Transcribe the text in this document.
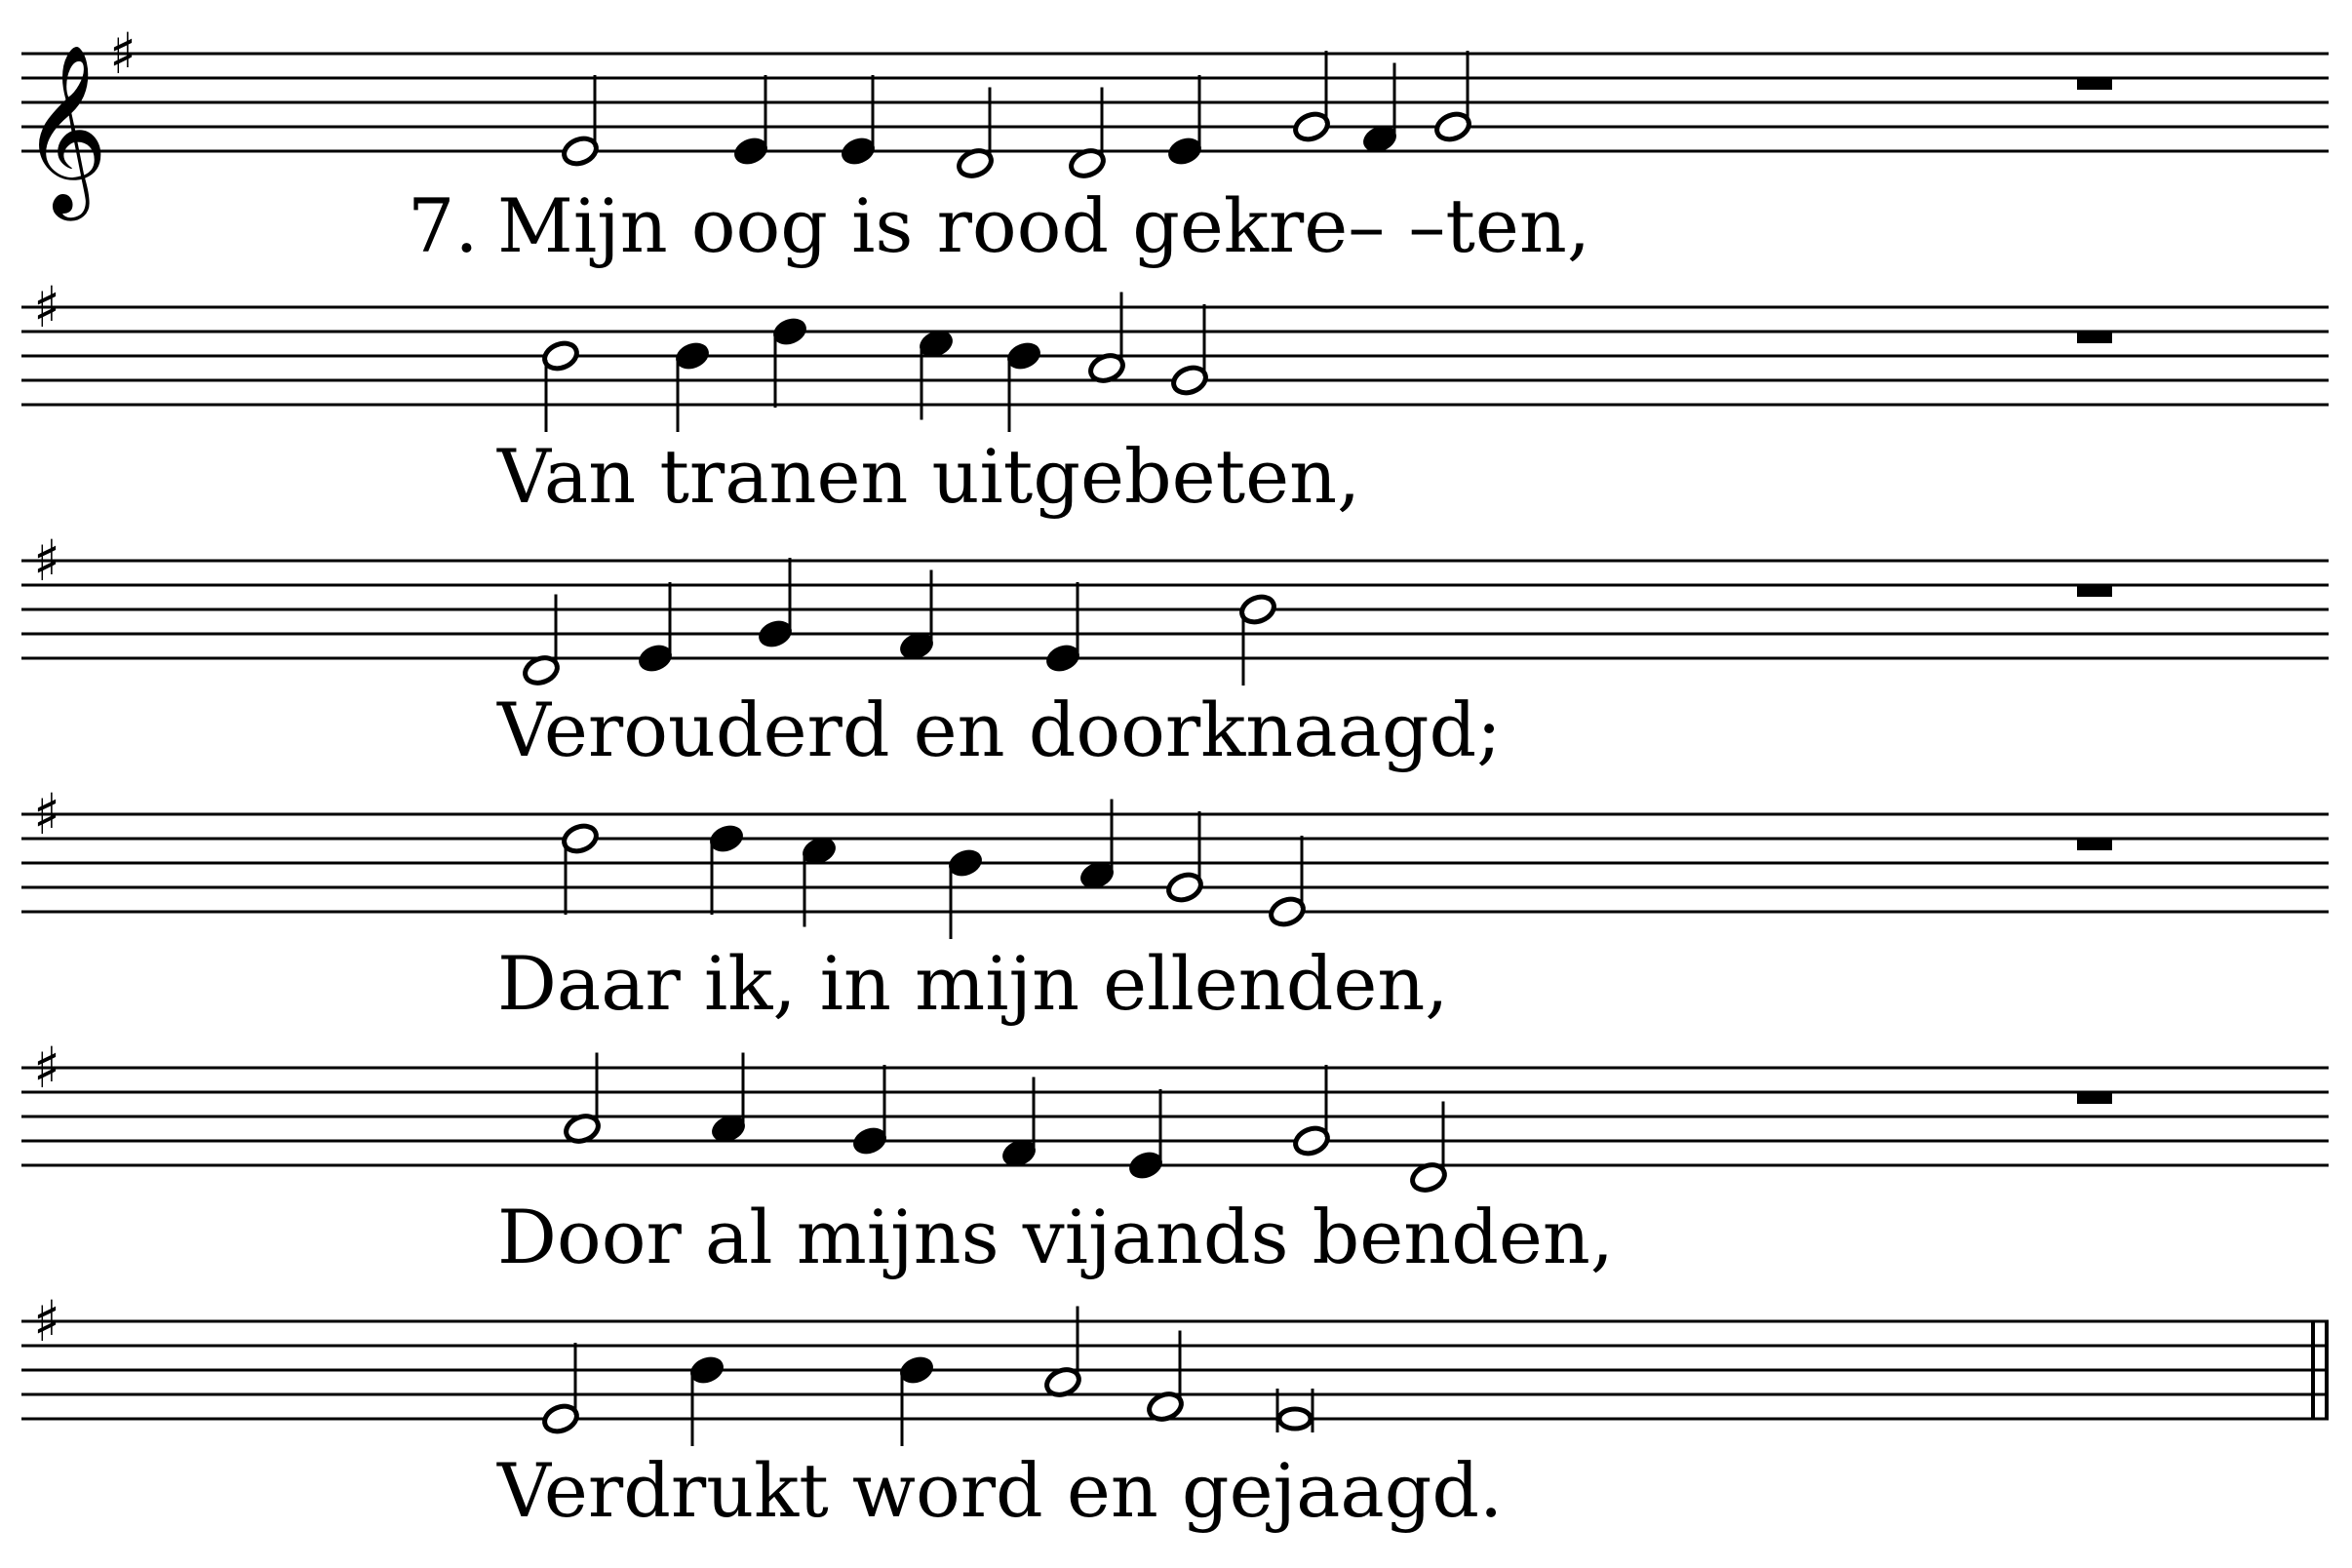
𝄞 ♯
Mijn oog is rood gekre– –ten,
♯
Van tranen uitgebeten,
♯
Verouderd en doorknaagd;
♯
Daar ik, in mijn ellenden,
♯
Door al mijns vijands benden,
♯
Verdrukt word en gejaagd.
7.
